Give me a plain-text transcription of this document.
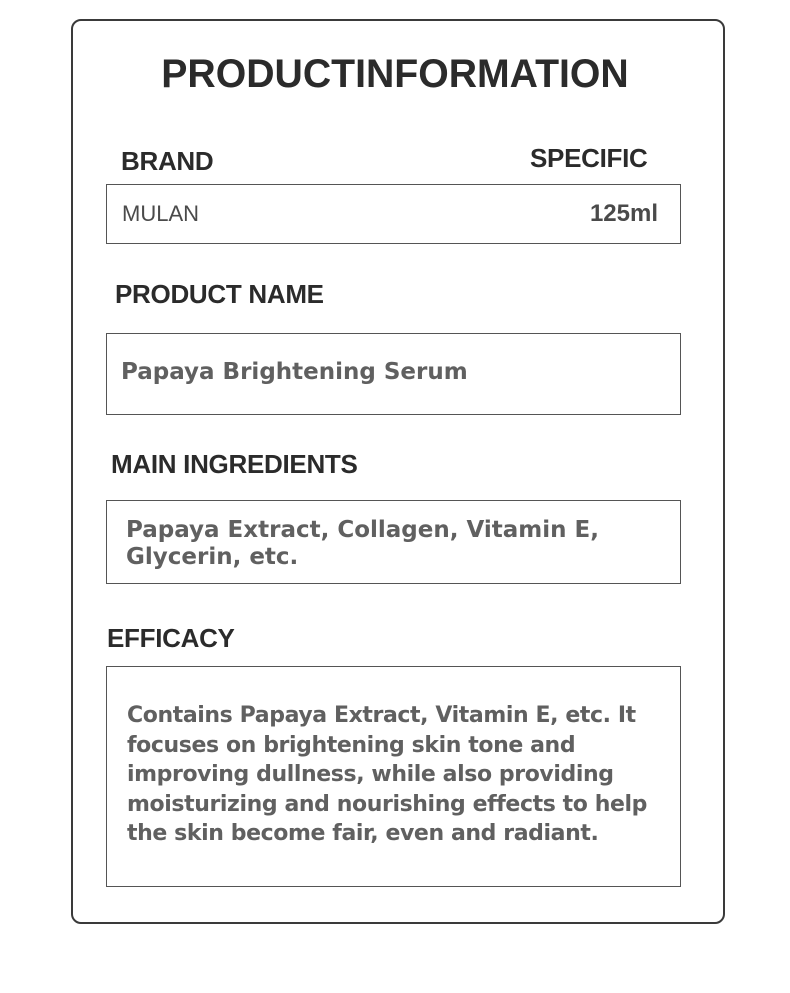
PRODUCTINFORMATION
BRAND	SPECIFIC
MULAN	125ml
PRODUCT NAME
Papaya Brightening Serum
MAIN INGREDIENTS
Papaya Extract, Collagen, Vitamin E,
Glycerin, etc.
EFFICACY
Contains Papaya Extract, Vitamin E, etc. It
focuses on brightening skin tone and
improving dullness, while also providing
moisturizing and nourishing effects to help
the skin become fair, even and radiant.
